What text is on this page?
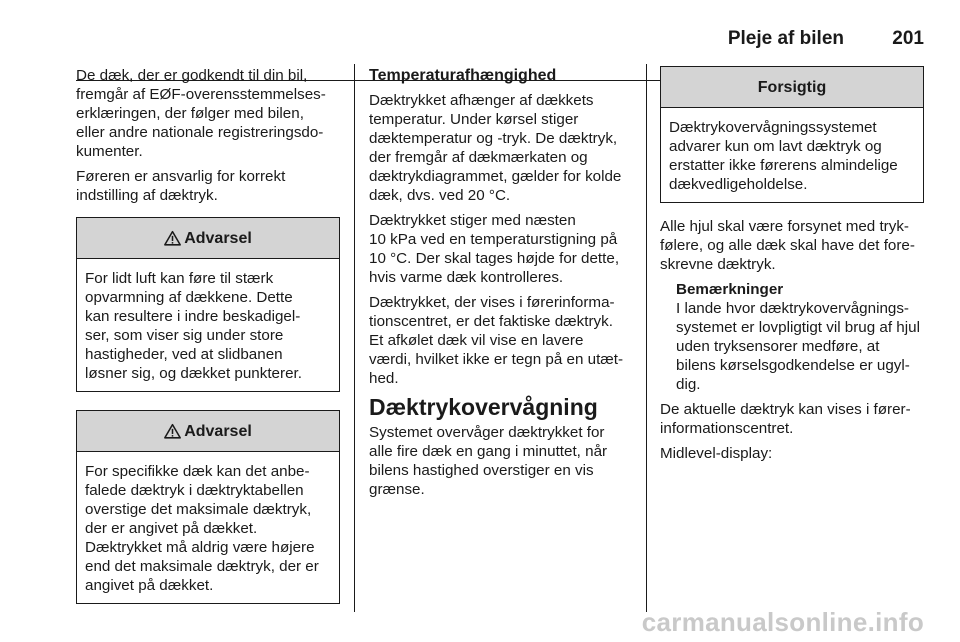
Pleje af bilen	201

De dæk, der er godkendt til din bil,
fremgår af EØF-overensstemmelses-
erklæringen, der følger med bilen,
eller andre nationale registreringsdo-
kumenter.

Føreren er ansvarlig for korrekt
indstilling af dæktryk.

Advarsel
For lidt luft kan føre til stærk
opvarmning af dækkene. Dette
kan resultere i indre beskadigel-
ser, som viser sig under store
hastigheder, ved at slidbanen
løsner sig, og dækket punkterer.
Advarsel
For specifikke dæk kan det anbe-
falede dæktryk i dæktryktabellen
overstige det maksimale dæktryk,
der er angivet på dækket.
Dæktrykket må aldrig være højere
end det maksimale dæktryk, der er
angivet på dækket.
Temperaturafhængighed

Dæktrykket afhænger af dækkets
temperatur. Under kørsel stiger
dæktemperatur og -tryk. De dæktryk,
der fremgår af dækmærkaten og
dæktrykdiagrammet, gælder for kolde
dæk, dvs. ved 20 °C.

Dæktrykket stiger med næsten
10 kPa ved en temperaturstigning på
10 °C. Der skal tages højde for dette,
hvis varme dæk kontrolleres.

Dæktrykket, der vises i førerinforma-
tionscentret, er det faktiske dæktryk.
Et afkølet dæk vil vise en lavere
værdi, hvilket ikke er tegn på en utæt-
hed.

Dæktrykovervågning

Systemet overvåger dæktrykket for
alle fire dæk en gang i minuttet, når
bilens hastighed overstiger en vis
grænse.

Forsigtig
Dæktrykovervågningssystemet
advarer kun om lavt dæktryk og
erstatter ikke førerens almindelige
dækvedligeholdelse.

Alle hjul skal være forsynet med tryk-
følere, og alle dæk skal have det fore-
skrevne dæktryk.

Bemærkninger

I lande hvor dæktrykovervågnings-
systemet er lovpligtigt vil brug af hjul
uden tryksensorer medføre, at
bilens kørselsgodkendelse er ugyl-
dig.

De aktuelle dæktryk kan vises i fører-
informationscentret.

Midlevel-display:

carmanualsonline.info
